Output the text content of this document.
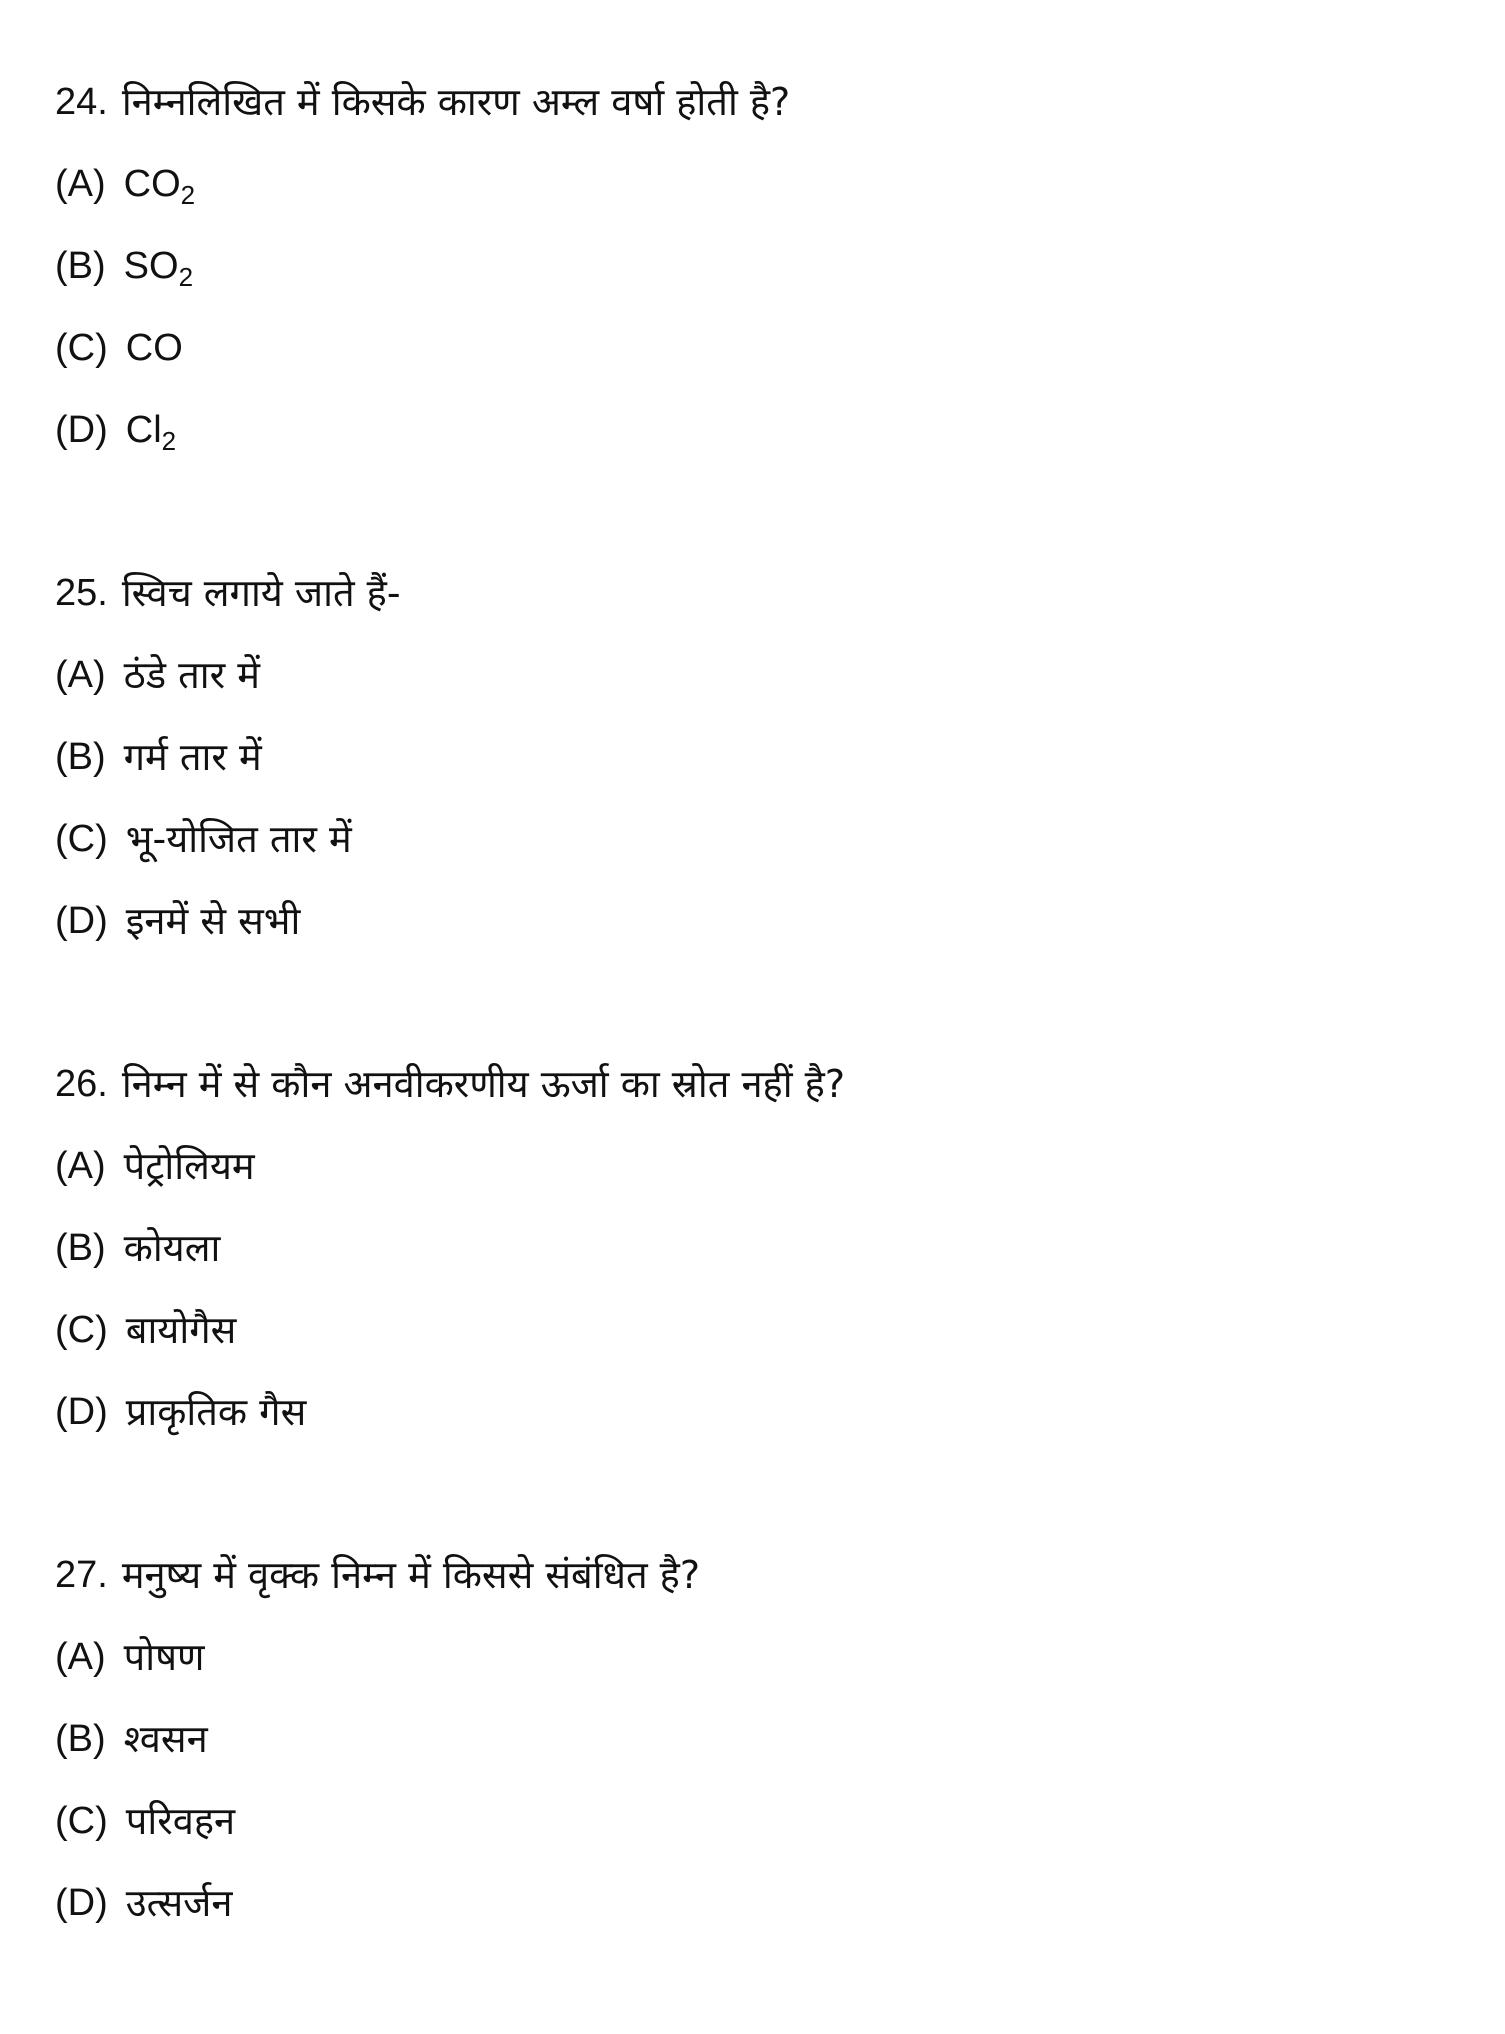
24. निम्नलिखित में किसके कारण अम्ल वर्षा होती है?
(A) $CO_2$
(B) $SO_2$
(C) CO
(D) $Cl_2$
25. स्विच लगाये जाते हैं-
(A) ठंडे तार में
(B) गर्म तार में
(C) भू-योजित तार में
(D) इनमें से सभी
26. निम्न में से कौन अनवीकरणीय ऊर्जा का स्रोत नहीं है?
(A) पेट्रोलियम
(B) कोयला
(C) बायोगैस
(D) प्राकृतिक गैस
27. मनुष्य में वृक्क निम्न में किससे संबंधित है?
(A) पोषण
(B) श्वसन
(C) परिवहन
(D) उत्सर्जन
